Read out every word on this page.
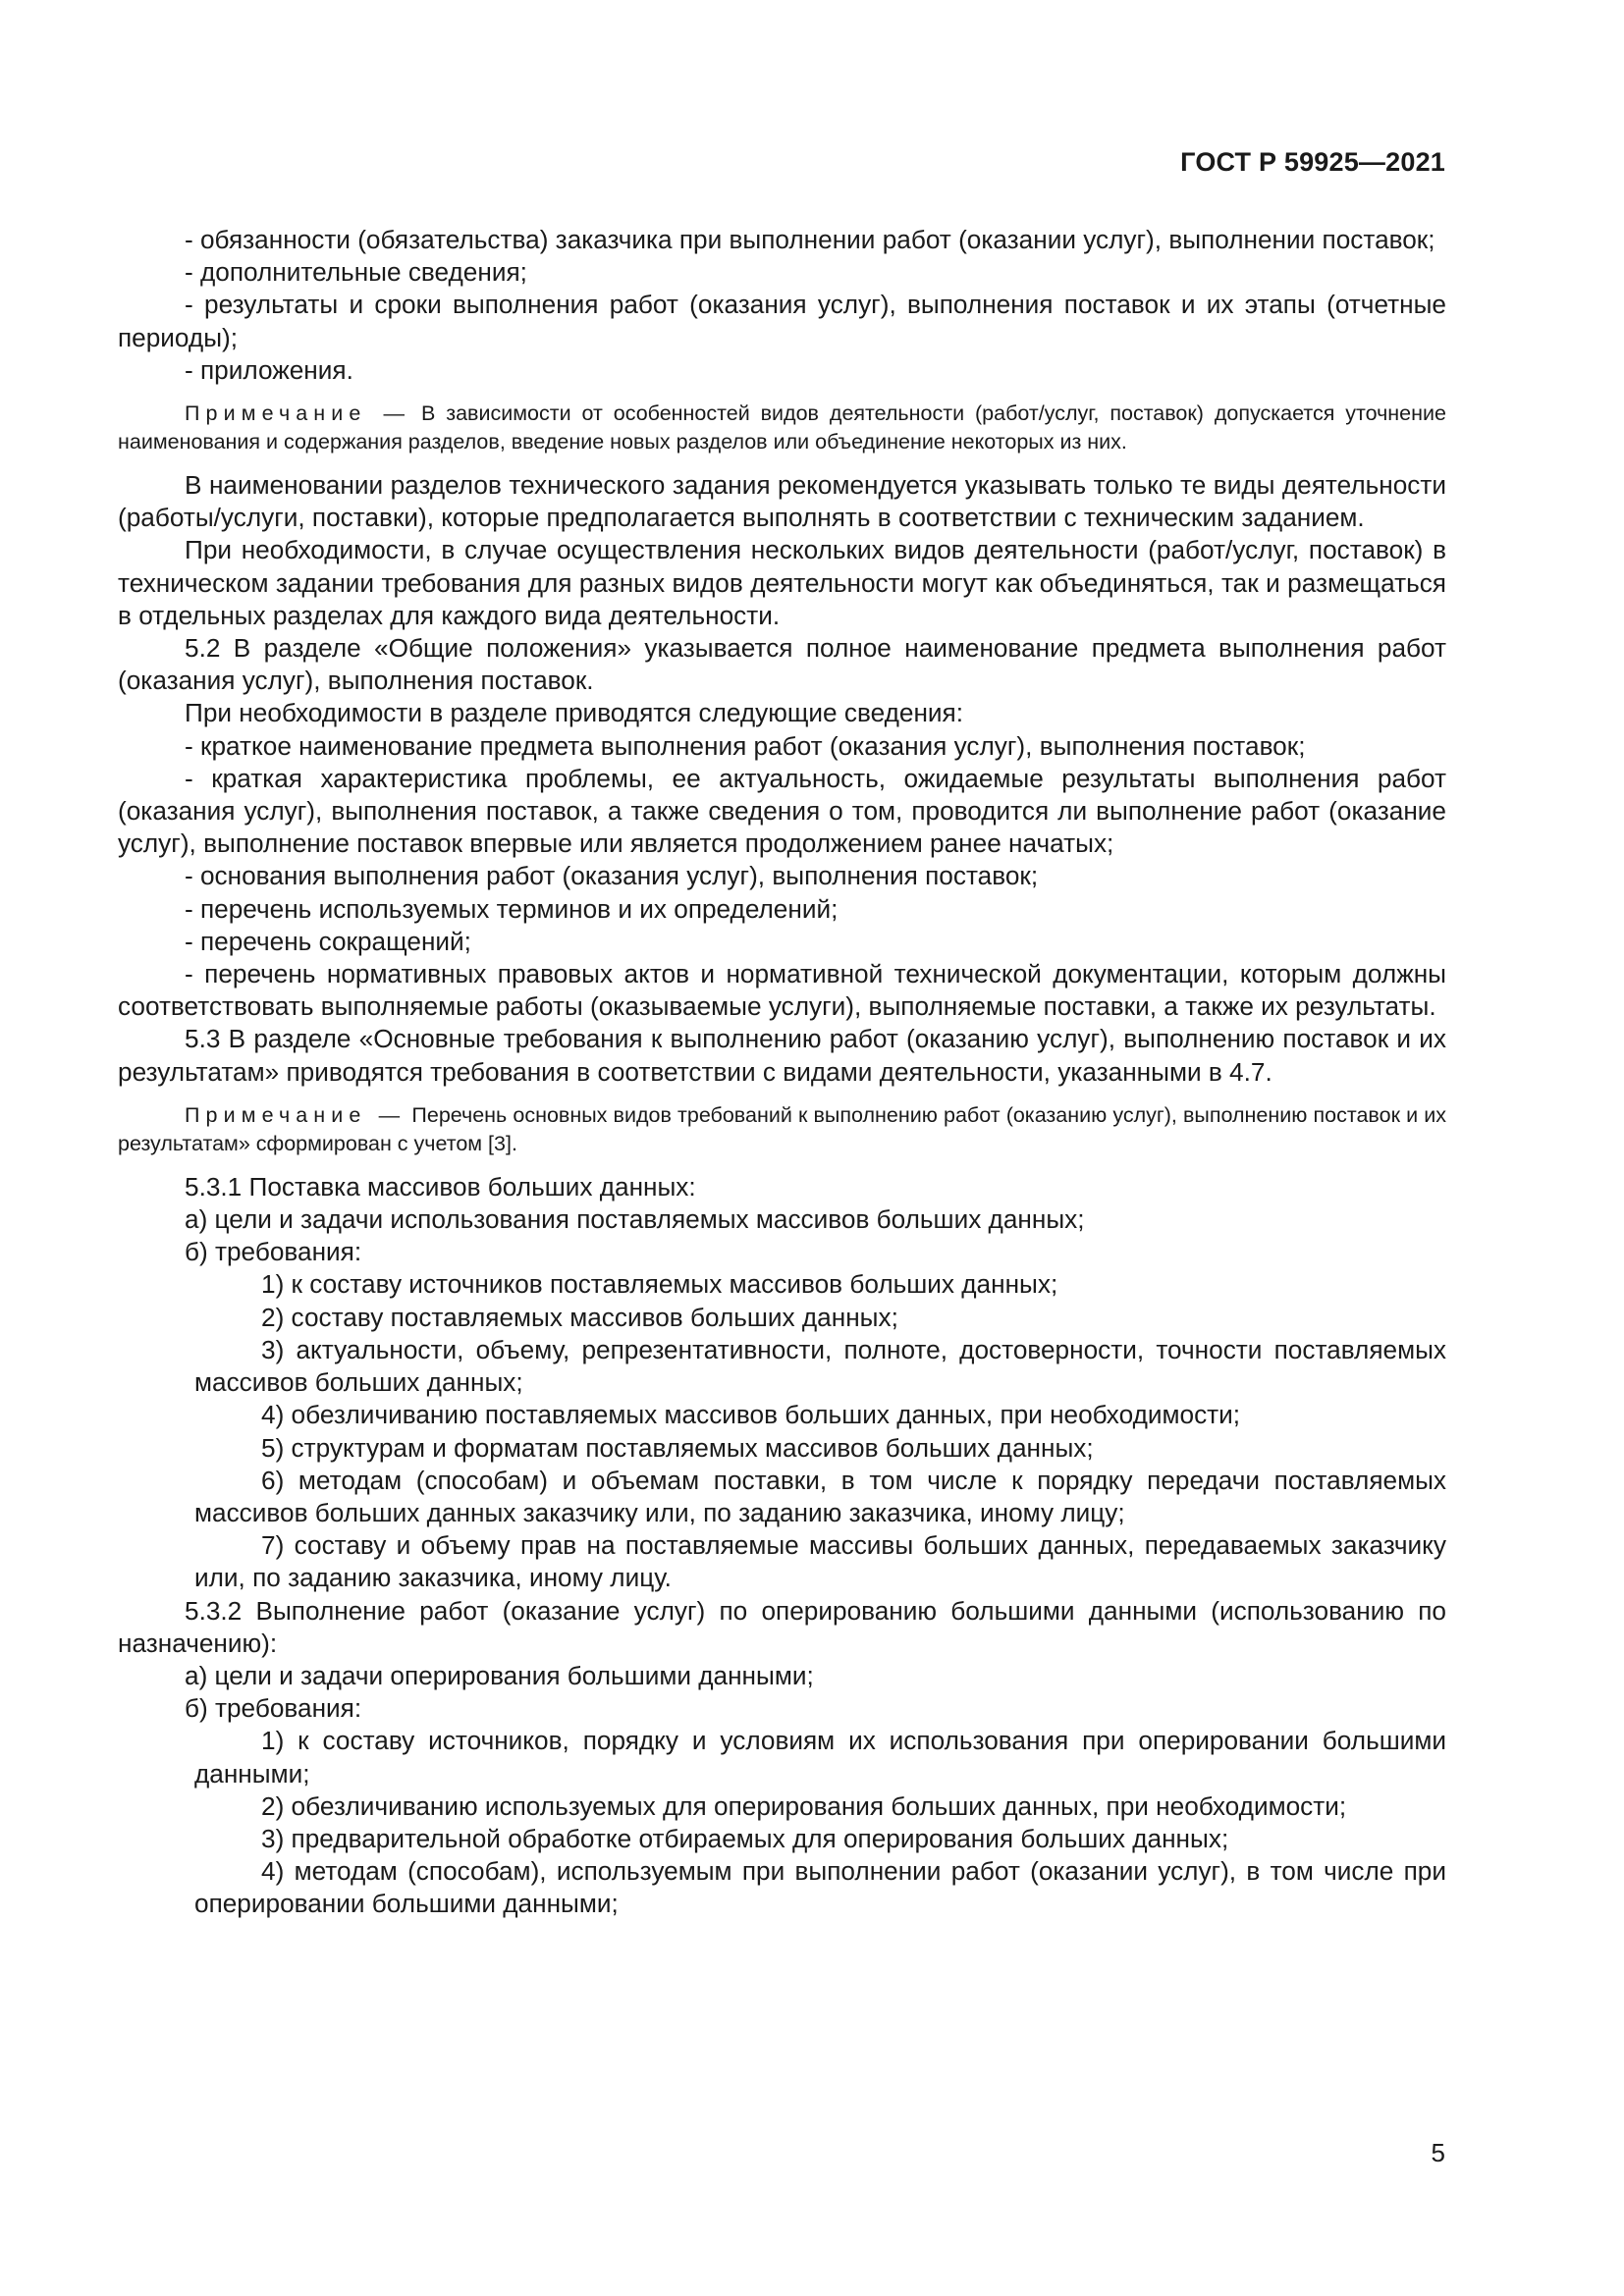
ГОСТ Р 59925—2021

- обязанности (обязательства) заказчика при выполнении работ (оказании услуг), выполнении поставок;

- дополнительные сведения;

- результаты и сроки выполнения работ (оказания услуг), выполнения поставок и их этапы (отчетные периоды);

- приложения.

Примечание — В зависимости от особенностей видов деятельности (работ/услуг, поставок) допускается уточнение наименования и содержания разделов, введение новых разделов или объединение некоторых из них.

В наименовании разделов технического задания рекомендуется указывать только те виды деятельности (работы/услуги, поставки), которые предполагается выполнять в соответствии с техническим заданием.

При необходимости, в случае осуществления нескольких видов деятельности (работ/услуг, поставок) в техническом задании требования для разных видов деятельности могут как объединяться, так и размещаться в отдельных разделах для каждого вида деятельности.

5.2 В разделе «Общие положения» указывается полное наименование предмета выполнения работ (оказания услуг), выполнения поставок.

При необходимости в разделе приводятся следующие сведения:

- краткое наименование предмета выполнения работ (оказания услуг), выполнения поставок;

- краткая характеристика проблемы, ее актуальность, ожидаемые результаты выполнения работ (оказания услуг), выполнения поставок, а также сведения о том, проводится ли выполнение работ (оказание услуг), выполнение поставок впервые или является продолжением ранее начатых;

- основания выполнения работ (оказания услуг), выполнения поставок;

- перечень используемых терминов и их определений;

- перечень сокращений;

- перечень нормативных правовых актов и нормативной технической документации, которым должны соответствовать выполняемые работы (оказываемые услуги), выполняемые поставки, а также их результаты.

5.3 В разделе «Основные требования к выполнению работ (оказанию услуг), выполнению поставок и их результатам» приводятся требования в соответствии с видами деятельности, указанными в 4.7.

Примечание — Перечень основных видов требований к выполнению работ (оказанию услуг), выполнению поставок и их результатам» сформирован с учетом [3].

5.3.1 Поставка массивов больших данных:

а) цели и задачи использования поставляемых массивов больших данных;

б) требования:

1) к составу источников поставляемых массивов больших данных;

2) составу поставляемых массивов больших данных;

3) актуальности, объему, репрезентативности, полноте, достоверности, точности поставляемых массивов больших данных;

4) обезличиванию поставляемых массивов больших данных, при необходимости;

5) структурам и форматам поставляемых массивов больших данных;

6) методам (способам) и объемам поставки, в том числе к порядку передачи поставляемых массивов больших данных заказчику или, по заданию заказчика, иному лицу;

7) составу и объему прав на поставляемые массивы больших данных, передаваемых заказчику или, по заданию заказчика, иному лицу.

5.3.2 Выполнение работ (оказание услуг) по оперированию большими данными (использованию по назначению):

а) цели и задачи оперирования большими данными;

б) требования:

1) к составу источников, порядку и условиям их использования при оперировании большими данными;

2) обезличиванию используемых для оперирования больших данных, при необходимости;

3) предварительной обработке отбираемых для оперирования больших данных;

4) методам (способам), используемым при выполнении работ (оказании услуг), в том числе при оперировании большими данными;

5
